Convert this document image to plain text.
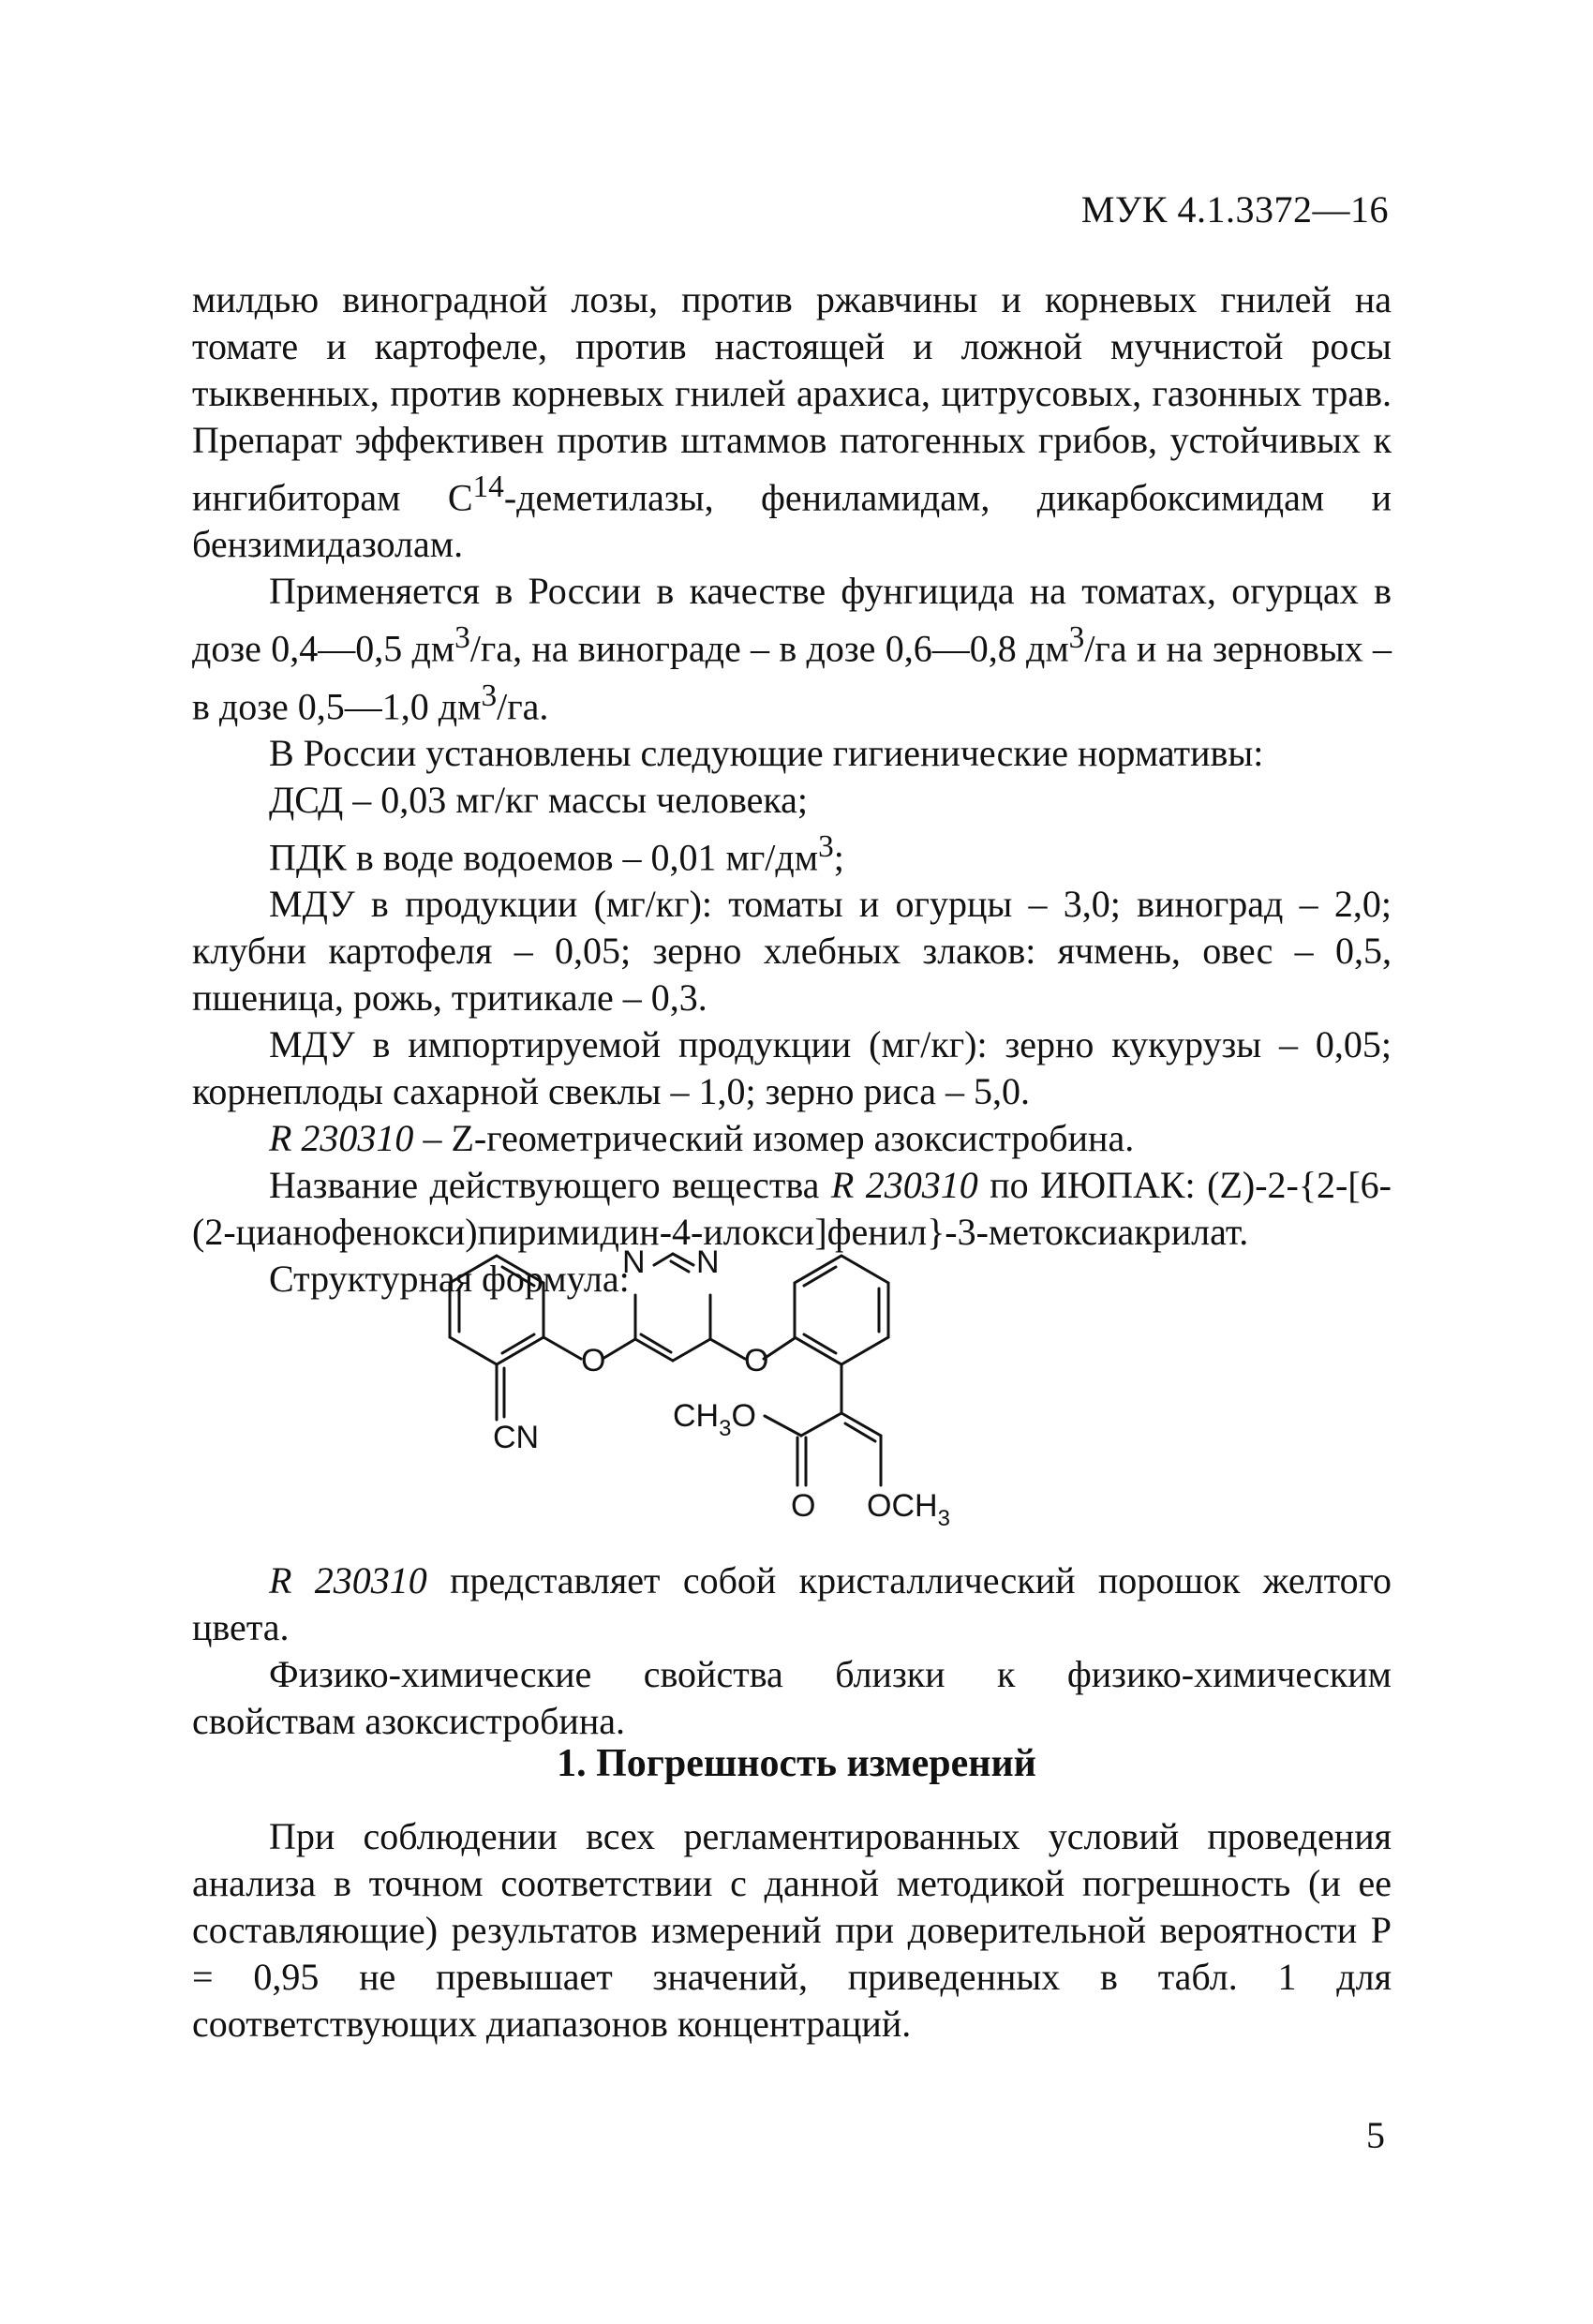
МУК 4.1.3372—16

милдью виноградной лозы, против ржавчины и корневых гнилей на томате и картофеле, против настоящей и ложной мучнистой росы тыквенных, против корневых гнилей арахиса, цитрусовых, газонных трав. Препарат эффективен против штаммов патогенных грибов, устойчивых к ингибиторам $С^{14}$-деметилазы, фениламидам, дикарбоксимидам и бензимидазолам.

Применяется в России в качестве фунгицида на томатах, огурцах в дозе 0,4—0,5 $дм^3/га$, на винограде – в дозе 0,6—0,8 $дм^3/га$ и на зерновых – в дозе 0,5—1,0 $дм^3/га$.

В России установлены следующие гигиенические нормативы:

ДСД – 0,03 мг/кг массы человека;

ПДК в воде водоемов – 0,01 $мг/дм^3$;

МДУ в продукции (мг/кг): томаты и огурцы – 3,0; виноград – 2,0; клубни картофеля – 0,05; зерно хлебных злаков: ячмень, овес – 0,5, пшеница, рожь, тритикале – 0,3.

МДУ в импортируемой продукции (мг/кг): зерно кукурузы – 0,05; корнеплоды сахарной свеклы – 1,0; зерно риса – 5,0.

R 230310 – Z-геометрический изомер азоксистробина.

Название действующего вещества R 230310 по ИЮПАК: (Z)-2-{2-[6-(2-цианофенокси)пиримидин-4-илокси]фенил}-3-метоксиакрилат.

Структурная формула:

N N
O	O
CN
$CH_3O$
O $OCH_3$

R 230310 представляет собой кристаллический порошок желтого цвета.

Физико-химические свойства близки к физико-химическим свойствам азоксистробина.

1. Погрешность измерений

При соблюдении всех регламентированных условий проведения анализа в точном соответствии с данной методикой погрешность (и ее составляющие) результатов измерений при доверительной вероятности Р = 0,95 не превышает значений, приведенных в табл. 1 для соответствующих диапазонов концентраций.

5
